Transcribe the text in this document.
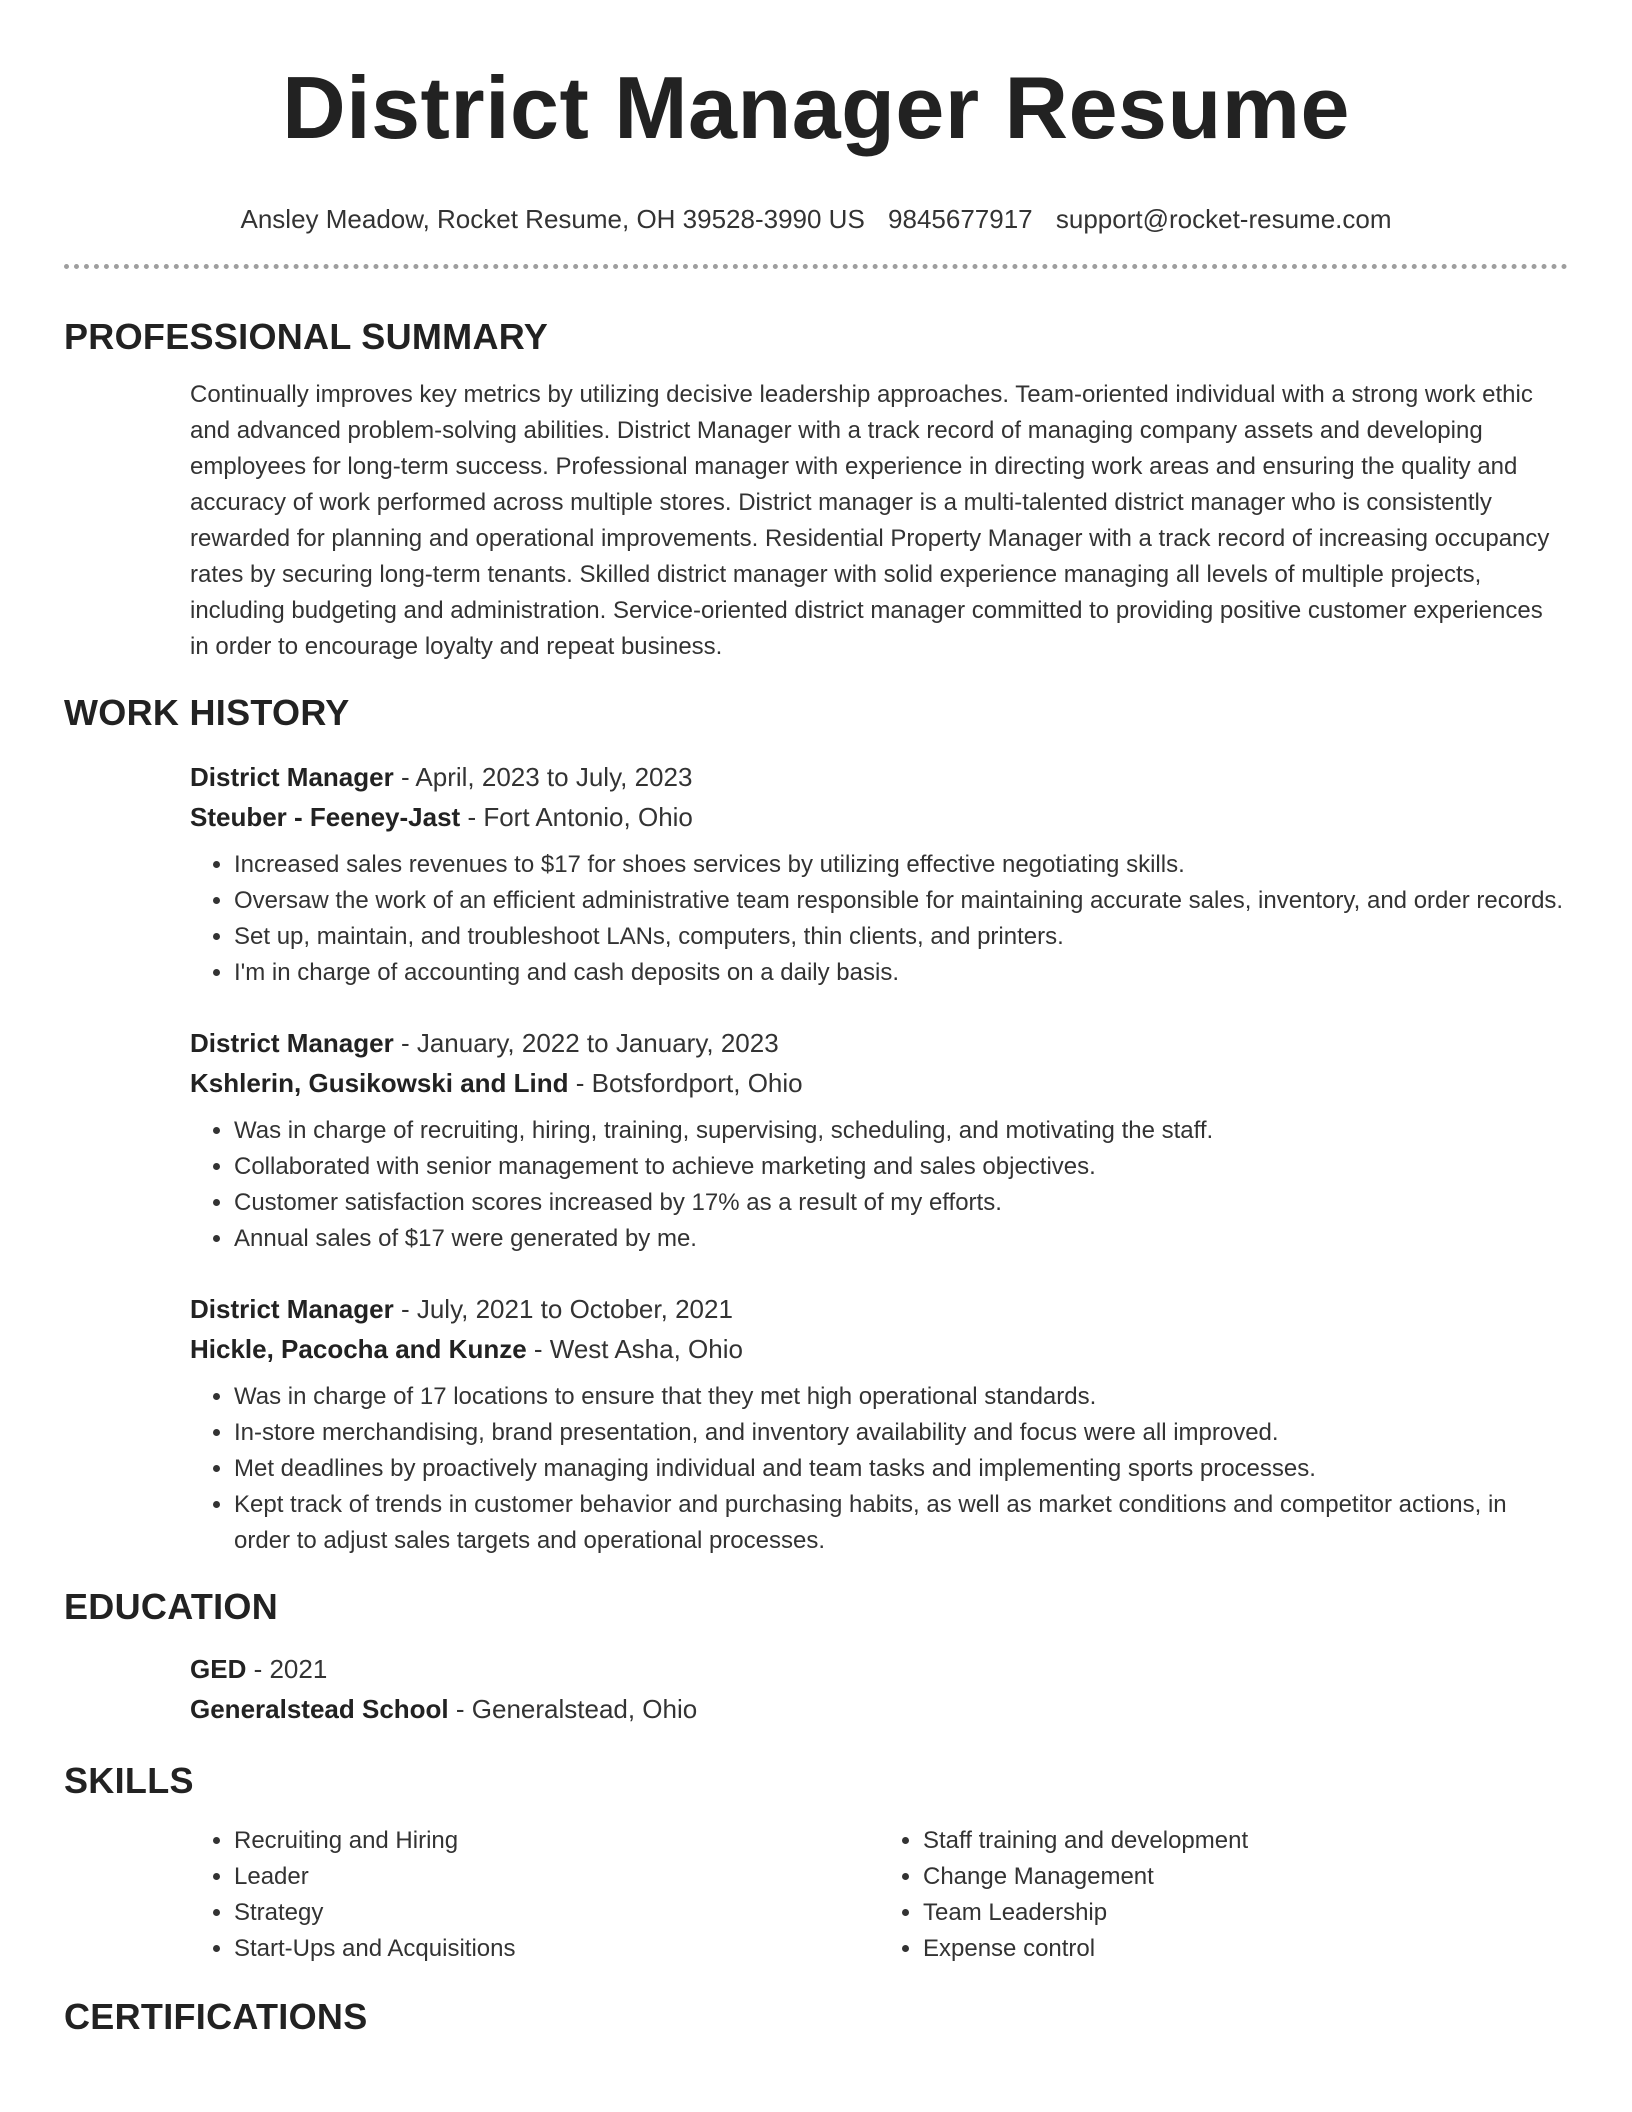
District Manager Resume
Ansley Meadow, Rocket Resume, OH 39528-3990 US 9845677917 support@rocket-resume.com
PROFESSIONAL SUMMARY
Continually improves key metrics by utilizing decisive leadership approaches. Team-oriented individual with a strong work ethic and advanced problem-solving abilities. District Manager with a track record of managing company assets and developing employees for long-term success. Professional manager with experience in directing work areas and ensuring the quality and accuracy of work performed across multiple stores. District manager is a multi-talented district manager who is consistently rewarded for planning and operational improvements. Residential Property Manager with a track record of increasing occupancy rates by securing long-term tenants. Skilled district manager with solid experience managing all levels of multiple projects, including budgeting and administration. Service-oriented district manager committed to providing positive customer experiences in order to encourage loyalty and repeat business.
WORK HISTORY
District Manager - April, 2023 to July, 2023
Steuber - Feeney-Jast - Fort Antonio, Ohio
• Increased sales revenues to $17 for shoes services by utilizing effective negotiating skills.
• Oversaw the work of an efficient administrative team responsible for maintaining accurate sales, inventory, and order records.
• Set up, maintain, and troubleshoot LANs, computers, thin clients, and printers.
• I'm in charge of accounting and cash deposits on a daily basis.
District Manager - January, 2022 to January, 2023
Kshlerin, Gusikowski and Lind - Botsfordport, Ohio
• Was in charge of recruiting, hiring, training, supervising, scheduling, and motivating the staff.
• Collaborated with senior management to achieve marketing and sales objectives.
• Customer satisfaction scores increased by 17% as a result of my efforts.
• Annual sales of $17 were generated by me.
District Manager - July, 2021 to October, 2021
Hickle, Pacocha and Kunze - West Asha, Ohio
• Was in charge of 17 locations to ensure that they met high operational standards.
• In-store merchandising, brand presentation, and inventory availability and focus were all improved.
• Met deadlines by proactively managing individual and team tasks and implementing sports processes.
• Kept track of trends in customer behavior and purchasing habits, as well as market conditions and competitor actions, in order to adjust sales targets and operational processes.
EDUCATION
GED - 2021
Generalstead School - Generalstead, Ohio
SKILLS
• Recruiting and Hiring
• Leader
• Strategy
• Start-Ups and Acquisitions
• Staff training and development
• Change Management
• Team Leadership
• Expense control
CERTIFICATIONS
